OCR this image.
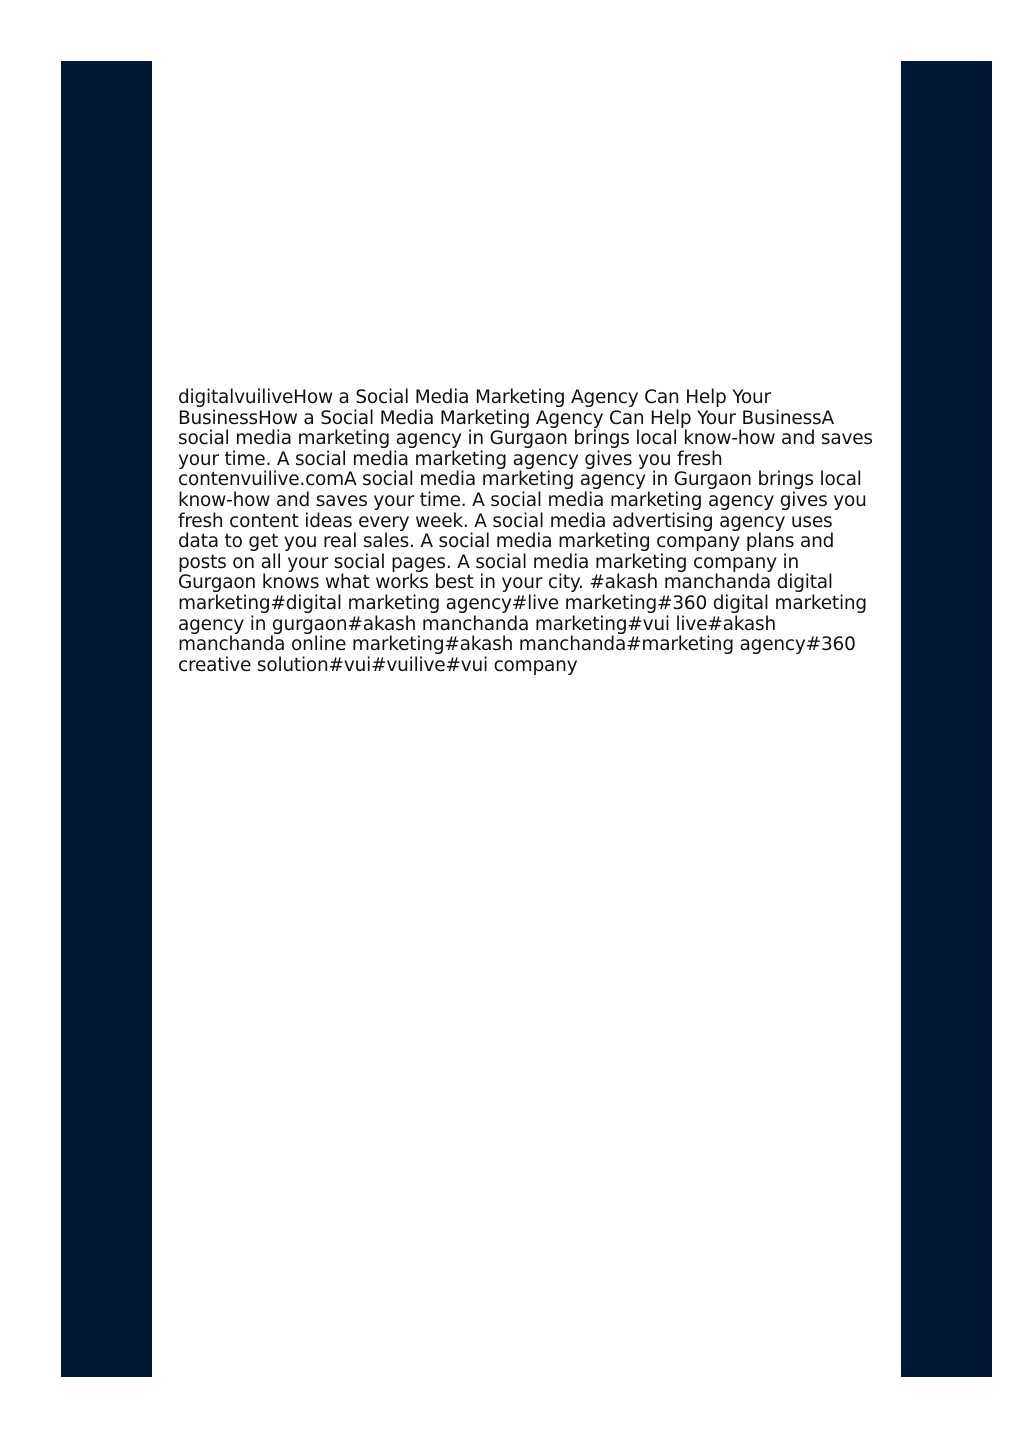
digitalvuiliveHow a Social Media Marketing Agency Can Help Your BusinessHow a Social Media Marketing Agency Can Help Your BusinessA social media marketing agency in Gurgaon brings local know-how and saves your time. A social media marketing agency gives you fresh contenvuilive.comA social media marketing agency in Gurgaon brings local know-how and saves your time. A social media marketing agency gives you fresh content ideas every week. A social media advertising agency uses data to get you real sales. A social media marketing company plans and posts on all your social pages. A social media marketing company in Gurgaon knows what works best in your city. #akash manchanda digital marketing#digital marketing agency#live marketing#360 digital marketing agency in gurgaon#akash manchanda marketing#vui live#akash manchanda online marketing#akash manchanda#marketing agency#360 creative solution#vui#vuilive#vui company
